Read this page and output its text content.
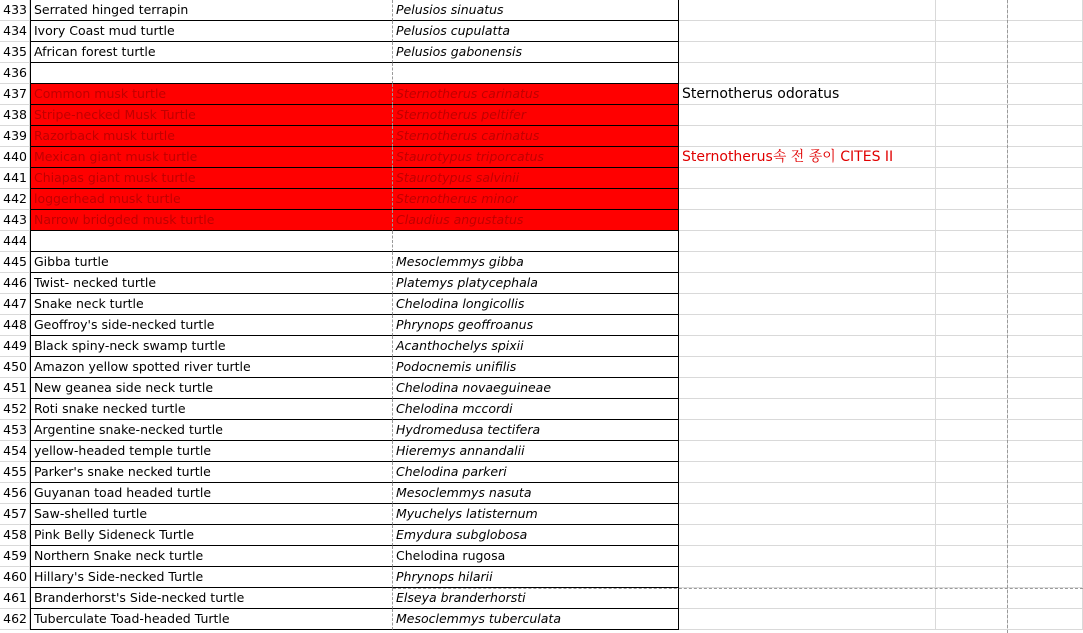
433 Serrated hinged terrapin	Pelusios sinuatus
434 Ivory Coast mud turtle	Pelusios cupulatta
435 African forest turtle	Pelusios gabonensis
436
437 Common musk turtle	Sternotherus carinatus	Sternotherus odoratus
438 Stripe-necked Musk Turtle	Sternotherus peltifer
439 Razorback musk turtle	Sternotherus carinatus
440 Mexican giant musk turtle	Staurotypus triporcatus	Sternotherus속 전 종이 CITES II
441 Chiapas giant musk turtle	Staurotypus salvinii
442 loggerhead musk turtle	Sternotherus minor
443 Narrow bridgded musk turtle	Claudius angustatus
444
445 Gibba turtle	Mesoclemmys gibba
446 Twist- necked turtle	Platemys platycephala
447 Snake neck turtle	Chelodina longicollis
448 Geoffroy's side-necked turtle	Phrynops geoffroanus
449 Black spiny-neck swamp turtle	Acanthochelys spixii
450 Amazon yellow spotted river turtle	Podocnemis unifilis
451 New geanea side neck turtle	Chelodina novaeguineae
452 Roti snake necked turtle	Chelodina mccordi
453 Argentine snake-necked turtle	Hydromedusa tectifera
454 yellow-headed temple turtle	Hieremys annandalii
455 Parker's snake necked turtle	Chelodina parkeri
456 Guyanan toad headed turtle	Mesoclemmys nasuta
457 Saw-shelled turtle	Myuchelys latisternum
458 Pink Belly Sideneck Turtle	Emydura subglobosa
459 Northern Snake neck turtle	Chelodina rugosa
460 Hillary's Side-necked Turtle	Phrynops hilarii
461 Branderhorst's Side-necked turtle	Elseya branderhorsti
462 Tuberculate Toad-headed Turtle	Mesoclemmys tuberculata
